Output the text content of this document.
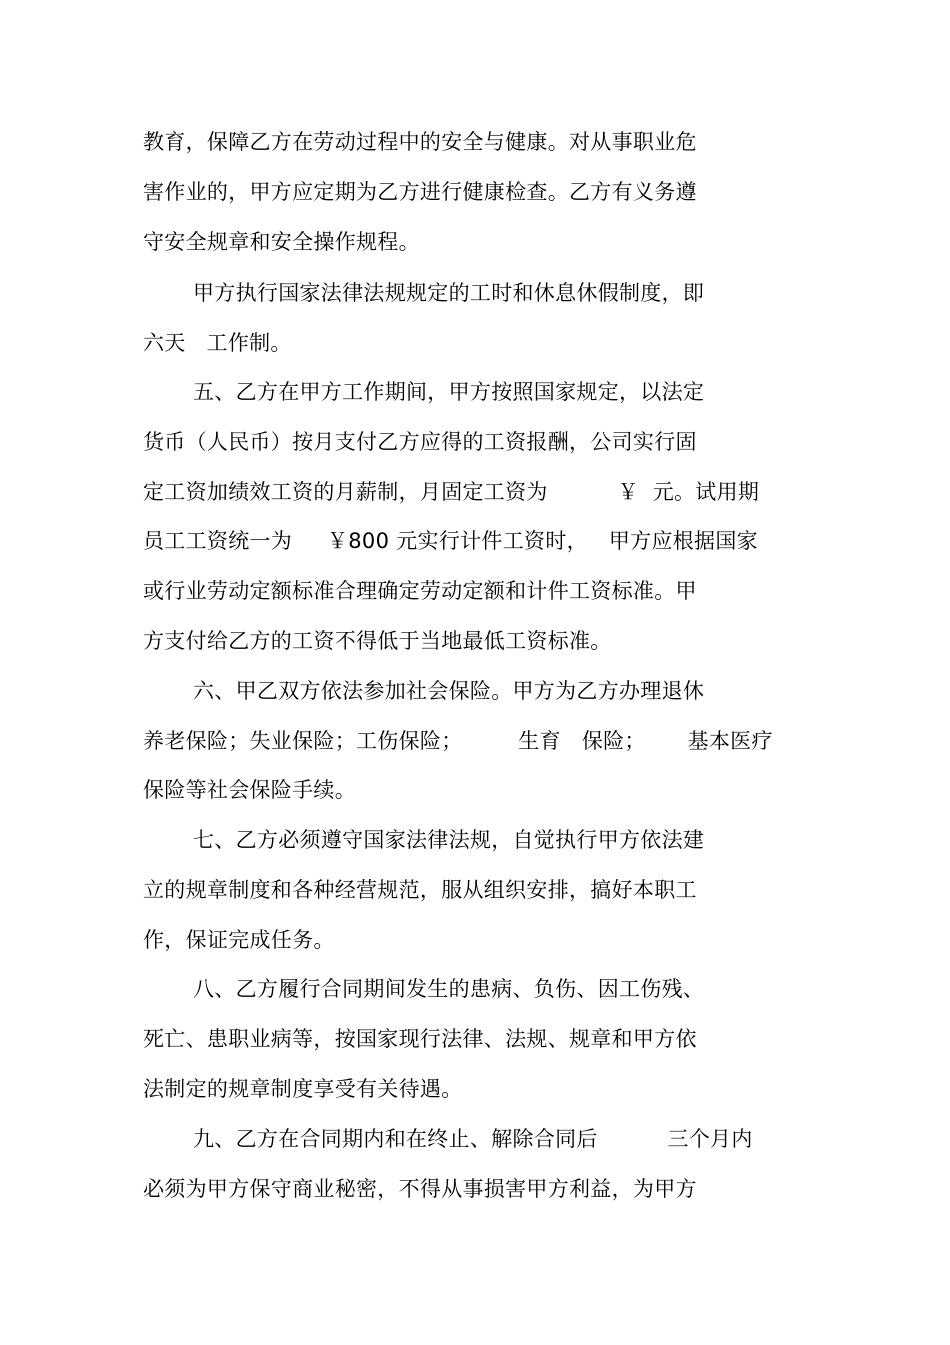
教育，保障乙方在劳动过程中的安全与健康。对从事职业危
害作业的，甲方应定期为乙方进行健康检查。乙方有义务遵
守安全规章和安全操作规程。
甲方执行国家法律法规规定的工时和休息休假制度，即
六天   工作制。
五、乙方在甲方工作期间，甲方按照国家规定，以法定
货币（人民币）按月支付乙方应得的工资报酬，公司实行固
定工资加绩效工资的月薪制，月固定工资为          ￥  元。试用期
员工工资统一为     ￥800 元实行计件工资时，   甲方应根据国家
或行业劳动定额标准合理确定劳动定额和计件工资标准。甲
方支付给乙方的工资不得低于当地最低工资标准。
六、甲乙双方依法参加社会保险。甲方为乙方办理退休
养老保险；失业保险；工伤保险；        生育   保险；      基本医疗
保险等社会保险手续。
七、乙方必须遵守国家法律法规，自觉执行甲方依法建
立的规章制度和各种经营规范，服从组织安排，搞好本职工
作，保证完成任务。
八、乙方履行合同期间发生的患病、负伤、因工伤残、
死亡、患职业病等，按国家现行法律、法规、规章和甲方依
法制定的规章制度享受有关待遇。
九、乙方在合同期内和在终止、解除合同后          三个月内
必须为甲方保守商业秘密，不得从事损害甲方利益，为甲方
